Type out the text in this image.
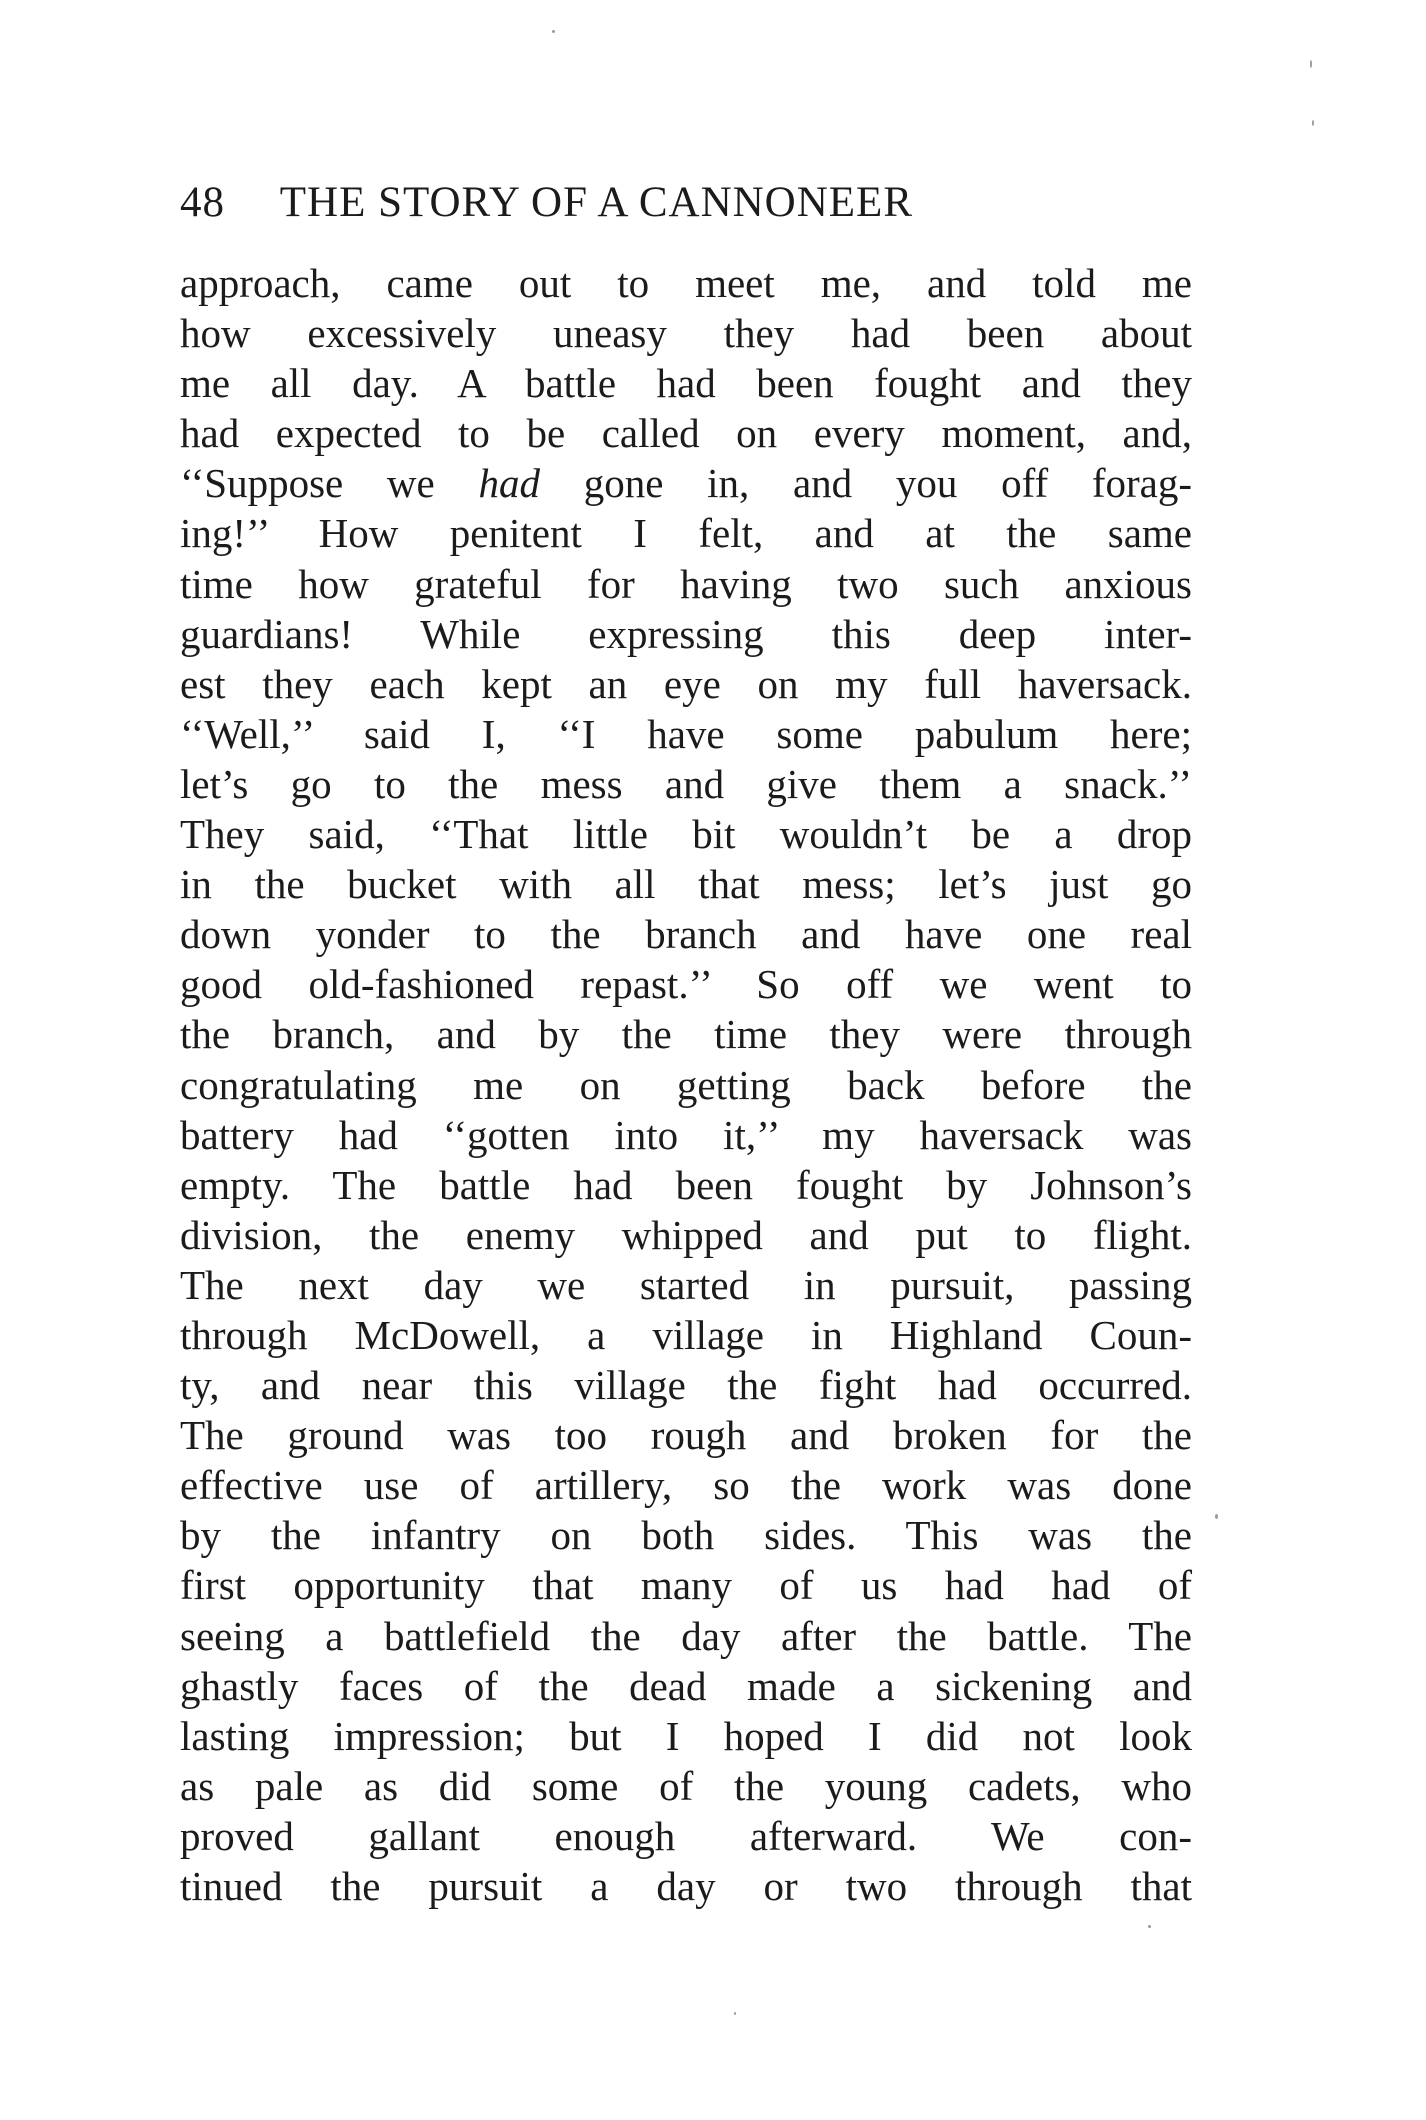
48 THE STORY OF A CANNONEER
approach, came out to meet me, and told me
how excessively uneasy they had been about
me all day. A battle had been fought and they
had expected to be called on every moment, and,
‘‘Suppose we had gone in, and you off forag-
ing!’’ How penitent I felt, and at the same
time how grateful for having two such anxious
guardians! While expressing this deep inter-
est they each kept an eye on my full haversack.
‘‘Well,’’ said I, ‘‘I have some pabulum here;
let’s go to the mess and give them a snack.’’
They said, ‘‘That little bit wouldn’t be a drop
in the bucket with all that mess; let’s just go
down yonder to the branch and have one real
good old-fashioned repast.’’ So off we went to
the branch, and by the time they were through
congratulating me on getting back before the
battery had ‘‘gotten into it,’’ my haversack was
empty. The battle had been fought by Johnson’s
division, the enemy whipped and put to flight.
The next day we started in pursuit, passing
through McDowell, a village in Highland Coun-
ty, and near this village the fight had occurred.
The ground was too rough and broken for the
effective use of artillery, so the work was done
by the infantry on both sides. This was the
first opportunity that many of us had had of
seeing a battlefield the day after the battle. The
ghastly faces of the dead made a sickening and
lasting impression; but I hoped I did not look
as pale as did some of the young cadets, who
proved gallant enough afterward. We con-
tinued the pursuit a day or two through that
